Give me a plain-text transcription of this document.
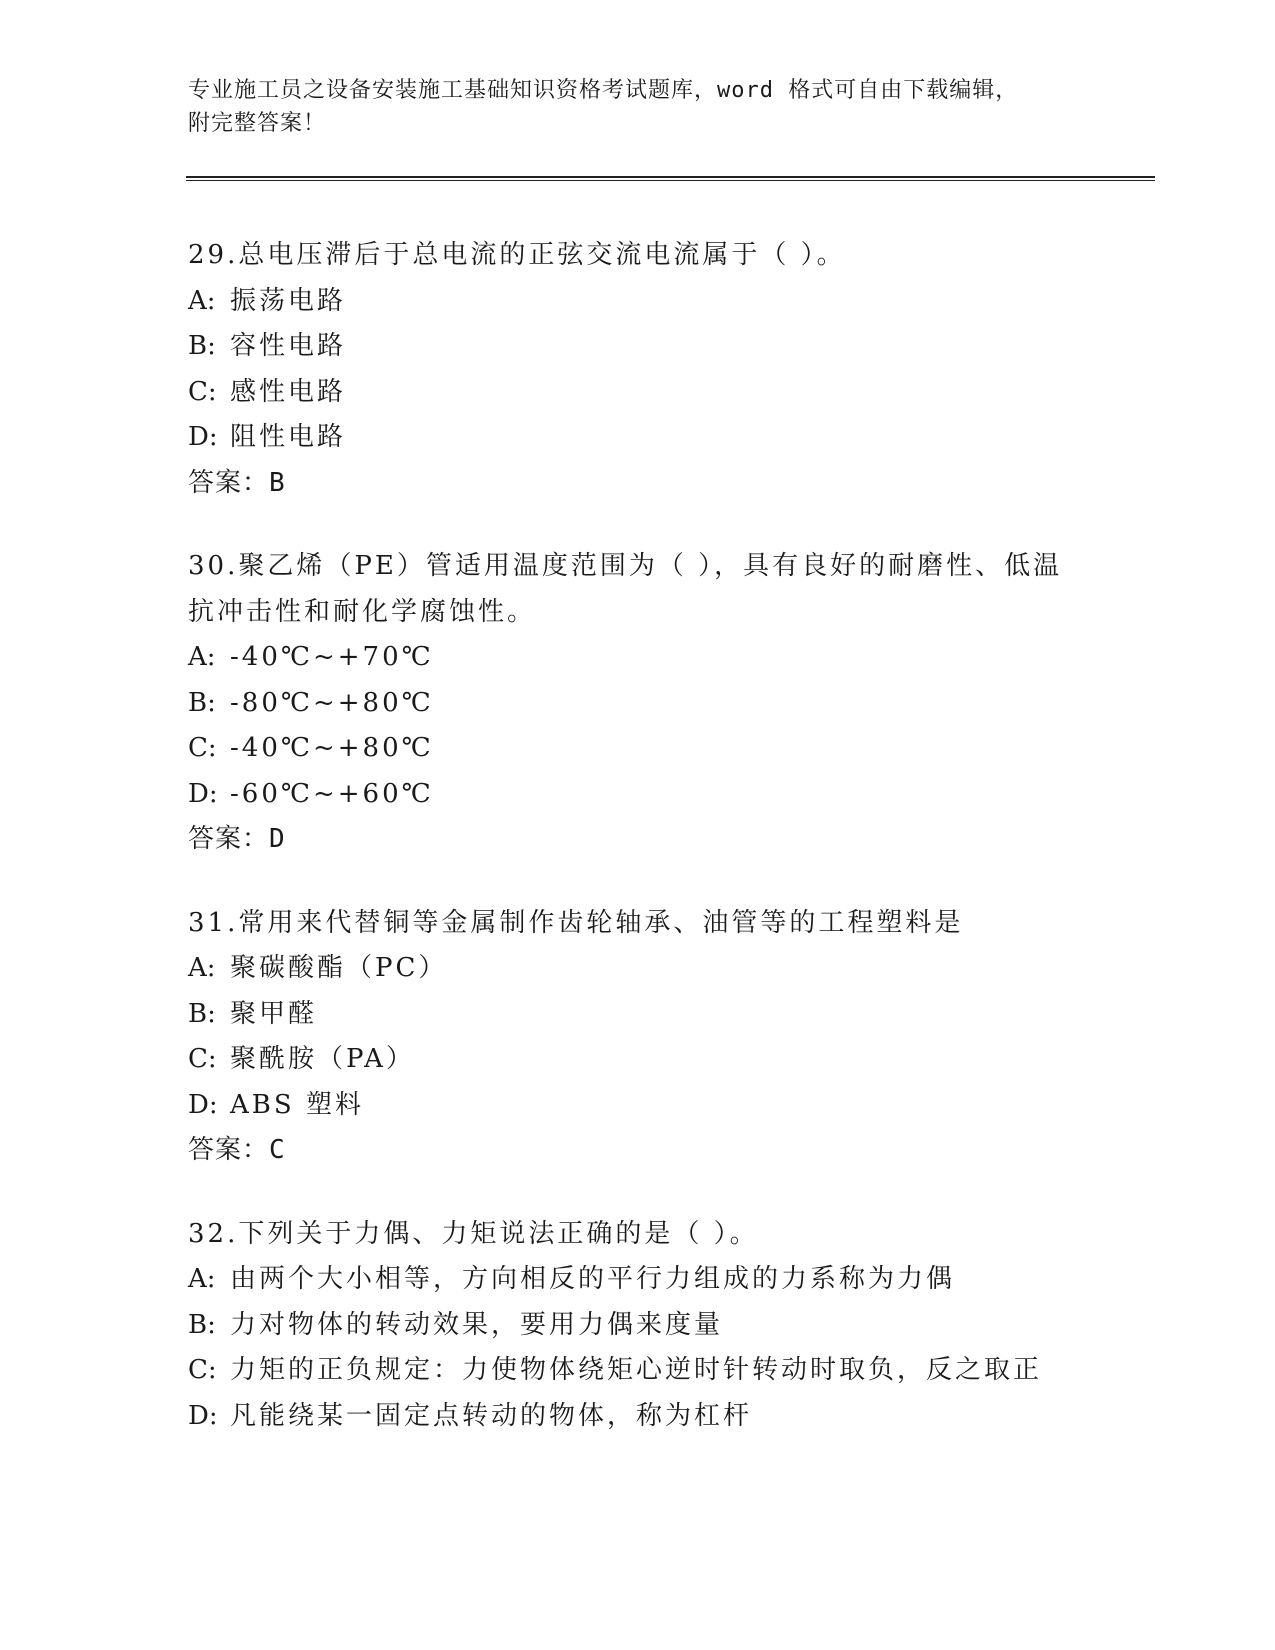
专业施工员之设备安装施工基础知识资格考试题库，word 格式可自由下载编辑，
附完整答案！

29.总电压滞后于总电流的正弦交流电流属于（ ）。

A: 振荡电路

B: 容性电路

C: 感性电路

D: 阻性电路

答案：B

30.聚乙烯（PE）管适用温度范围为（ ），具有良好的耐磨性、低温抗冲击性和耐化学腐蚀性。

A: -40℃~+70℃

B: -80℃~+80℃

C: -40℃~+80℃

D: -60℃~+60℃

答案：D

31.常用来代替铜等金属制作齿轮轴承、油管等的工程塑料是

A: 聚碳酸酯（PC）

B: 聚甲醛

C: 聚酰胺（PA）

D: ABS 塑料

答案：C

32.下列关于力偶、力矩说法正确的是（ ）。

A: 由两个大小相等，方向相反的平行力组成的力系称为力偶

B: 力对物体的转动效果，要用力偶来度量

C: 力矩的正负规定：力使物体绕矩心逆时针转动时取负，反之取正

D: 凡能绕某一固定点转动的物体，称为杠杆
